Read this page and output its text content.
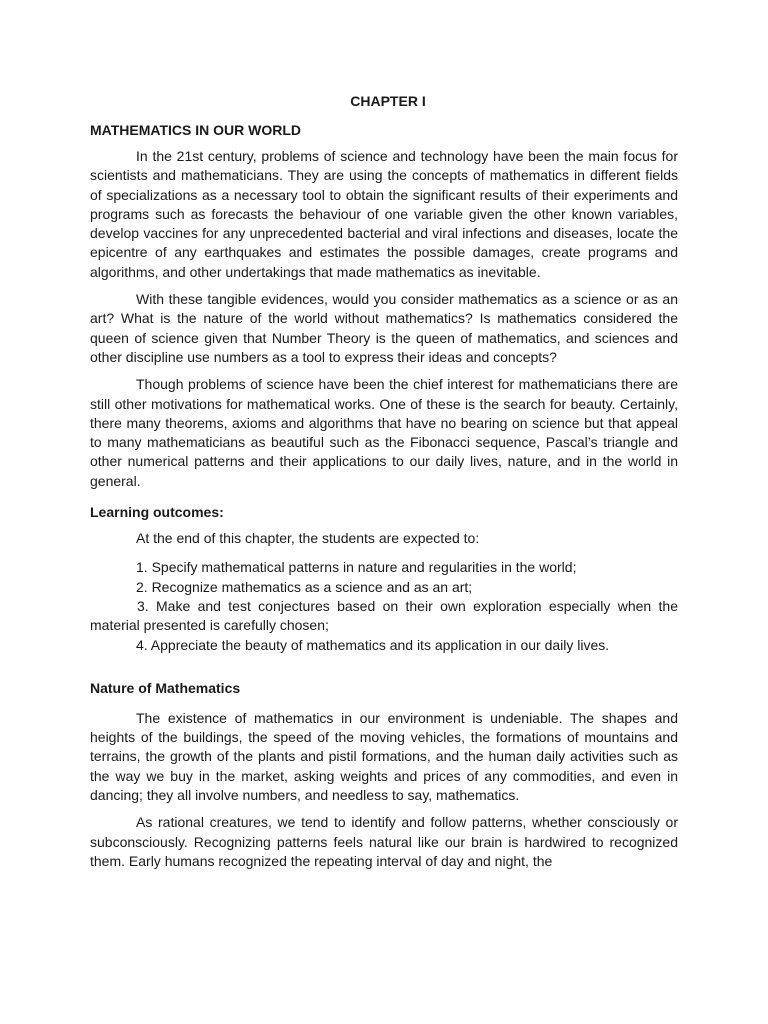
CHAPTER I
MATHEMATICS IN OUR WORLD

In the 21st century, problems of science and technology have been the main focus for scientists and mathematicians. They are using the concepts of mathematics in different fields of specializations as a necessary tool to obtain the significant results of their experiments and programs such as forecasts the behaviour of one variable given the other known variables, develop vaccines for any unprecedented bacterial and viral infections and diseases, locate the epicentre of any earthquakes and estimates the possible damages, create programs and algorithms, and other undertakings that made mathematics as inevitable.

With these tangible evidences, would you consider mathematics as a science or as an art? What is the nature of the world without mathematics? Is mathematics considered the queen of science given that Number Theory is the queen of mathematics, and sciences and other discipline use numbers as a tool to express their ideas and concepts?

Though problems of science have been the chief interest for mathematicians there are still other motivations for mathematical works. One of these is the search for beauty. Certainly, there many theorems, axioms and algorithms that have no bearing on science but that appeal to many mathematicians as beautiful such as the Fibonacci sequence, Pascal’s triangle and other numerical patterns and their applications to our daily lives, nature, and in the world in general.

Learning outcomes:

At the end of this chapter, the students are expected to:

1. Specify mathematical patterns in nature and regularities in the world;
2. Recognize mathematics as a science and as an art;
3. Make and test conjectures based on their own exploration especially when the material presented is carefully chosen;
4. Appreciate the beauty of mathematics and its application in our daily lives.
Nature of Mathematics

The existence of mathematics in our environment is undeniable. The shapes and heights of the buildings, the speed of the moving vehicles, the formations of mountains and terrains, the growth of the plants and pistil formations, and the human daily activities such as the way we buy in the market, asking weights and prices of any commodities, and even in dancing; they all involve numbers, and needless to say, mathematics.

As rational creatures, we tend to identify and follow patterns, whether consciously or subconsciously. Recognizing patterns feels natural like our brain is hardwired to recognized them. Early humans recognized the repeating interval of day and night, the
